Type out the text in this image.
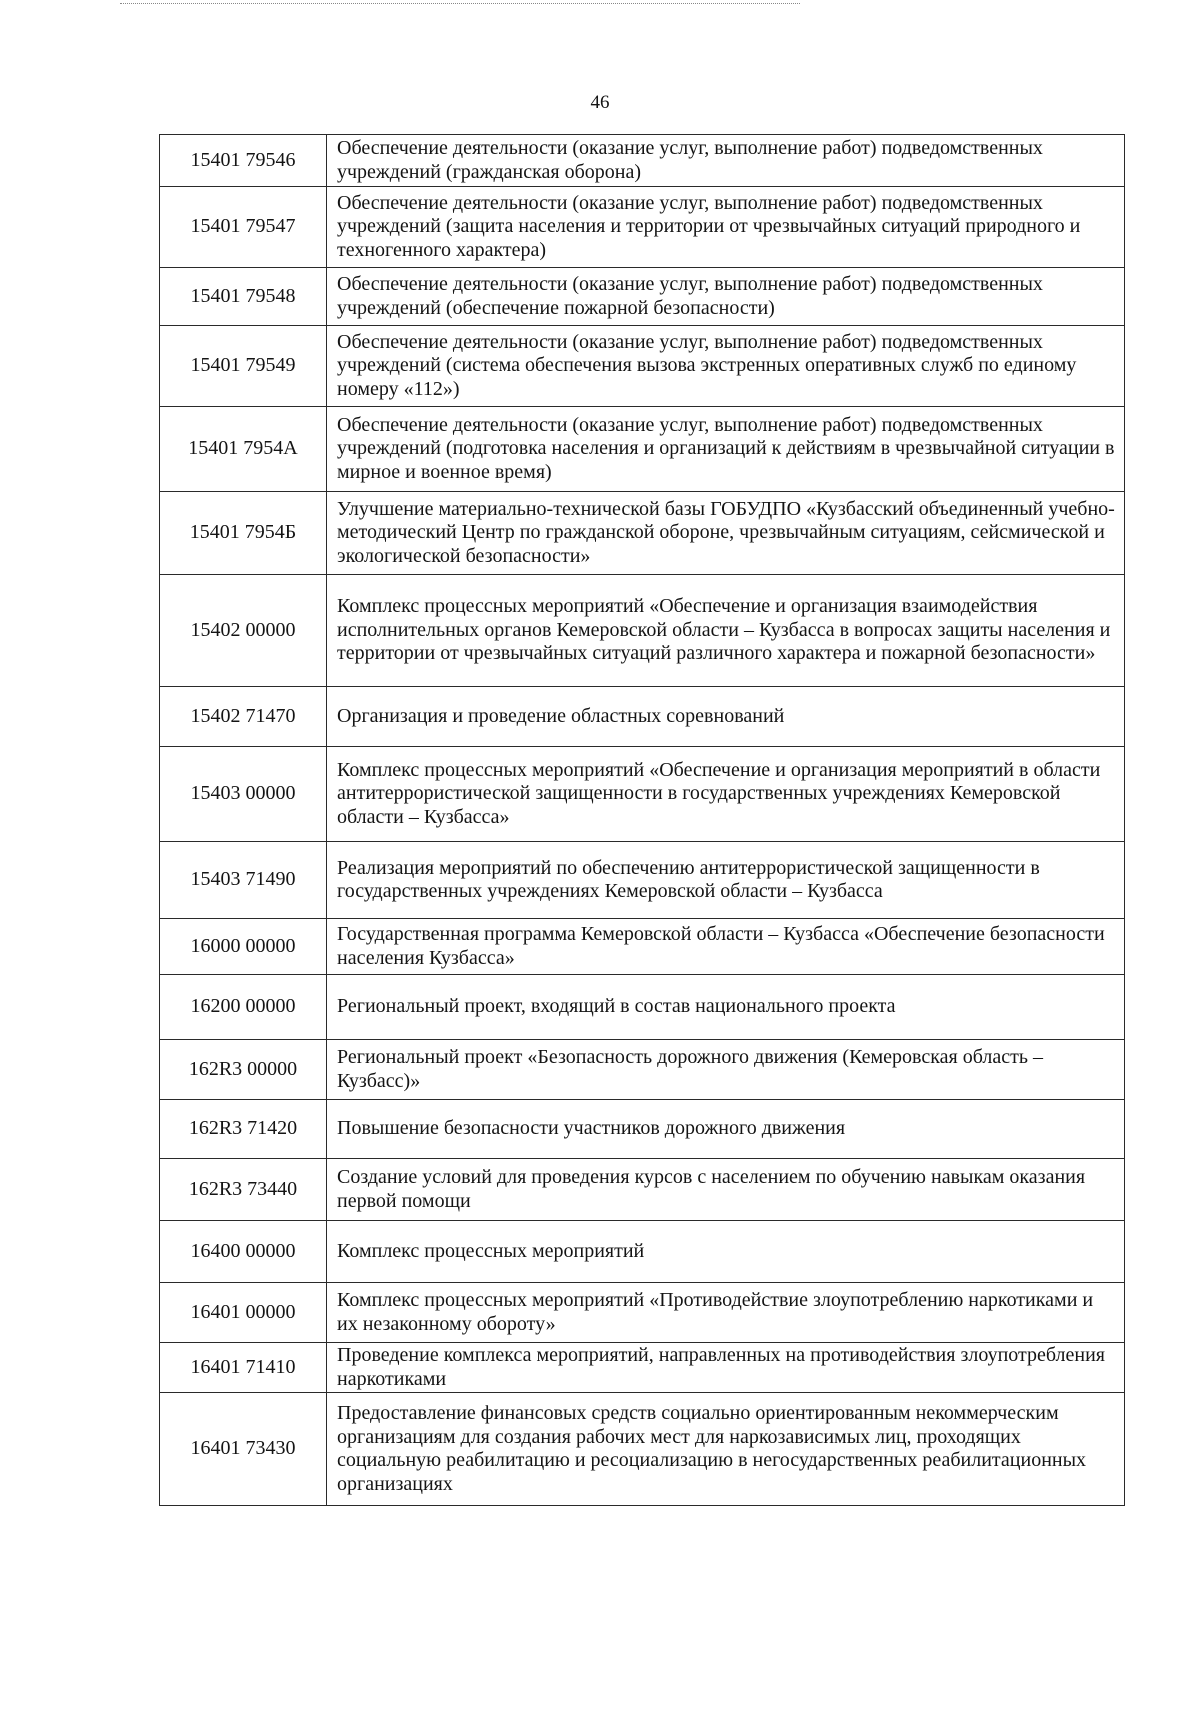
46
15401 79546	Обеспечение деятельности (оказание услуг, выполнение работ) подведомственных учреждений (гражданская оборона)
15401 79547	Обеспечение деятельности (оказание услуг, выполнение работ) подведомственных учреждений (защита населения и территории от чрезвычайных ситуаций природного и техногенного характера)
15401 79548	Обеспечение деятельности (оказание услуг, выполнение работ) подведомственных учреждений (обеспечение пожарной безопасности)
15401 79549	Обеспечение деятельности (оказание услуг, выполнение работ) подведомственных учреждений (система обеспечения вызова экстренных оперативных служб по единому номеру «112»)
15401 7954А	Обеспечение деятельности (оказание услуг, выполнение работ) подведомственных учреждений (подготовка населения и организаций к действиям в чрезвычайной ситуации в мирное и военное время)
15401 7954Б	Улучшение материально-технической базы ГОБУДПО «Кузбасский объединенный учебно-методический Центр по гражданской обороне, чрезвычайным ситуациям, сейсмической и экологической безопасности»
15402 00000	Комплекс процессных мероприятий «Обеспечение и организация взаимодействия исполнительных органов Кемеровской области – Кузбасса в вопросах защиты населения и территории от чрезвычайных ситуаций различного характера и пожарной безопасности»
15402 71470	Организация и проведение областных соревнований
15403 00000	Комплекс процессных мероприятий «Обеспечение и организация мероприятий в области антитеррористической защищенности в государственных учреждениях Кемеровской области – Кузбасса»
15403 71490	Реализация мероприятий по обеспечению антитеррористической защищенности в государственных учреждениях Кемеровской области – Кузбасса
16000 00000	Государственная программа Кемеровской области – Кузбасса «Обеспечение безопасности населения Кузбасса»
16200 00000	Региональный проект, входящий в состав национального проекта
162R3 00000	Региональный проект «Безопасность дорожного движения (Кемеровская область – Кузбасс)»
162R3 71420	Повышение безопасности участников дорожного движения
162R3 73440	Создание условий для проведения курсов с населением по обучению навыкам оказания первой помощи
16400 00000	Комплекс процессных мероприятий
16401 00000	Комплекс процессных мероприятий «Противодействие злоупотреблению наркотиками и их незаконному обороту»
16401 71410	Проведение комплекса мероприятий, направленных на противодействия злоупотребления наркотиками
16401 73430	Предоставление финансовых средств социально ориентированным некоммерческим организациям для создания рабочих мест для наркозависимых лиц, проходящих социальную реабилитацию и ресоциализацию в негосударственных реабилитационных организациях
